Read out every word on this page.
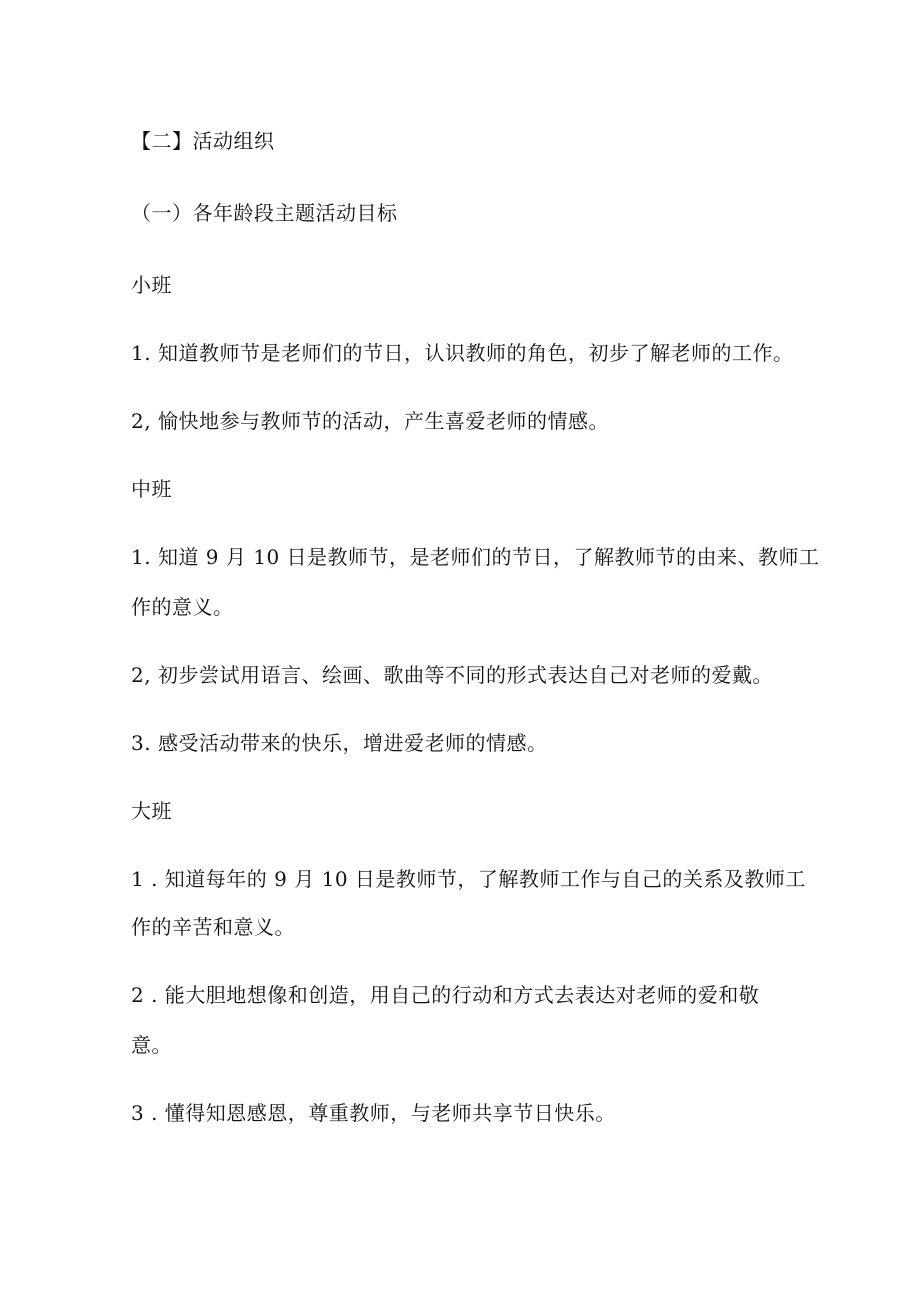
【二】活动组织
（一）各年龄段主题活动目标
小班
1. 知道教师节是老师们的节日，认识教师的角色，初步了解老师的工作。
2, 愉快地参与教师节的活动，产生喜爱老师的情感。
中班
1. 知道 9 月 10 日是教师节，是老师们的节日，了解教师节的由来、教师工
作的意义。
2, 初步尝试用语言、绘画、歌曲等不同的形式表达自己对老师的爱戴。
3. 感受活动带来的快乐，增进爱老师的情感。
大班
1 . 知道每年的 9 月 10 日是教师节，了解教师工作与自己的关系及教师工
作的辛苦和意义。
2 . 能大胆地想像和创造，用自己的行动和方式去表达对老师的爱和敬
意。
3 . 懂得知恩感恩，尊重教师，与老师共享节日快乐。
